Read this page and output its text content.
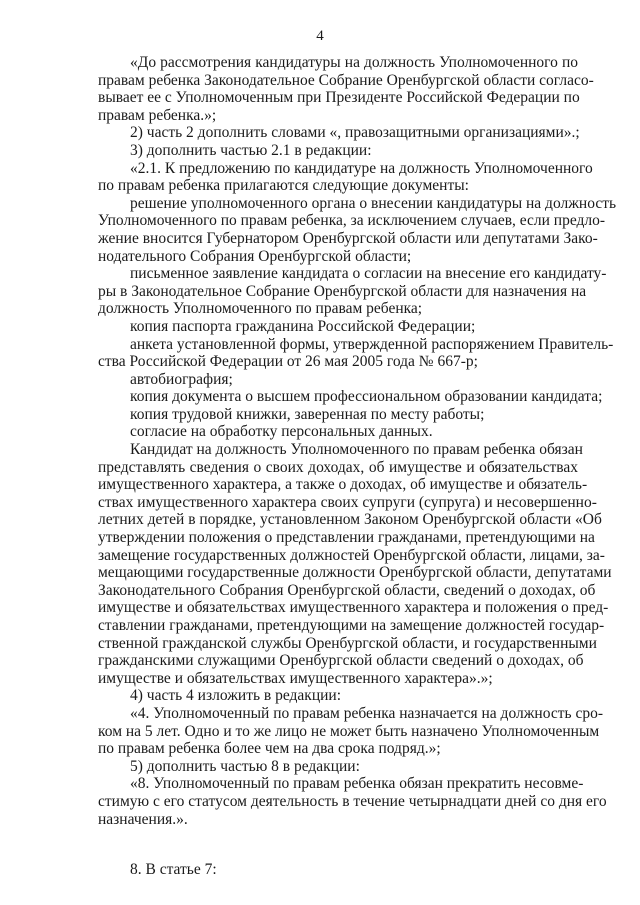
4
«До рассмотрения кандидатуры на должность Уполномоченного по
правам ребенка Законодательное Собрание Оренбургской области согласо-
вывает ее с Уполномоченным при Президенте Российской Федерации по
правам ребенка.»;
2) часть 2 дополнить словами «, правозащитными организациями».;
3) дополнить частью 2.1 в редакции:
«2.1. К предложению по кандидатуре на должность Уполномоченного
по правам ребенка прилагаются следующие документы:
решение уполномоченного органа о внесении кандидатуры на должность
Уполномоченного по правам ребенка, за исключением случаев, если предло-
жение вносится Губернатором Оренбургской области или депутатами Зако-
нодательного Собрания Оренбургской области;
письменное заявление кандидата о согласии на внесение его кандидату-
ры в Законодательное Собрание Оренбургской области для назначения на
должность Уполномоченного по правам ребенка;
копия паспорта гражданина Российской Федерации;
анкета установленной формы, утвержденной распоряжением Правитель-
ства Российской Федерации от 26 мая 2005 года № 667-р;
автобиография;
копия документа о высшем профессиональном образовании кандидата;
копия трудовой книжки, заверенная по месту работы;
согласие на обработку персональных данных.
Кандидат на должность Уполномоченного по правам ребенка обязан
представлять сведения о своих доходах, об имуществе и обязательствах
имущественного характера, а также о доходах, об имуществе и обязатель-
ствах имущественного характера своих супруги (супруга) и несовершенно-
летних детей в порядке, установленном Законом Оренбургской области «Об
утверждении положения о представлении гражданами, претендующими на
замещение государственных должностей Оренбургской области, лицами, за-
мещающими государственные должности Оренбургской области, депутатами
Законодательного Собрания Оренбургской области, сведений о доходах, об
имуществе и обязательствах имущественного характера и положения о пред-
ставлении гражданами, претендующими на замещение должностей государ-
ственной гражданской службы Оренбургской области, и государственными
гражданскими служащими Оренбургской области сведений о доходах, об
имуществе и обязательствах имущественного характера».»;
4) часть 4 изложить в редакции:
«4. Уполномоченный по правам ребенка назначается на должность сро-
ком на 5 лет. Одно и то же лицо не может быть назначено Уполномоченным
по правам ребенка более чем на два срока подряд.»;
5) дополнить частью 8 в редакции:
«8. Уполномоченный по правам ребенка обязан прекратить несовме-
стимую с его статусом деятельность в течение четырнадцати дней со дня его
назначения.».
8. В статье 7:
